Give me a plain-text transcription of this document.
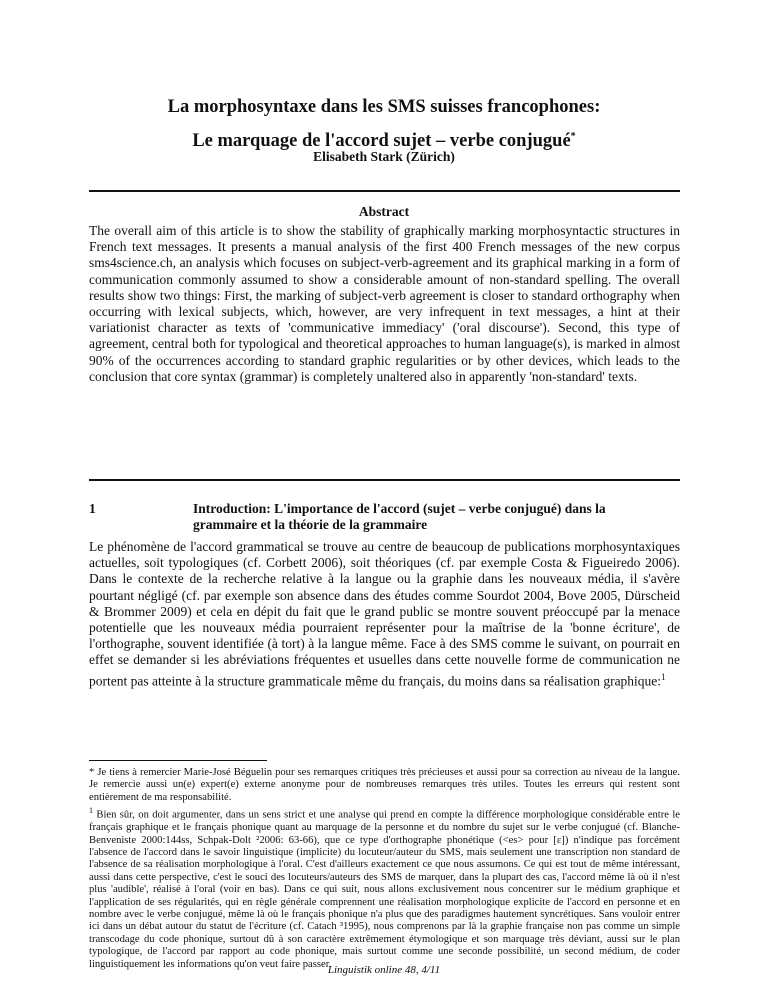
La morphosyntaxe dans les SMS suisses francophones:
Le marquage de l'accord sujet – verbe conjugué*
Elisabeth Stark (Zürich)
Abstract
The overall aim of this article is to show the stability of graphically marking morphosyntactic structures in French text messages. It presents a manual analysis of the first 400 French messages of the new corpus sms4science.ch, an analysis which focuses on subject-verb-agreement and its graphical marking in a form of communication commonly assumed to show a considerable amount of non-standard spelling. The overall results show two things: First, the marking of subject-verb agreement is closer to standard orthography when occurring with lexical subjects, which, however, are very infrequent in text messages, a hint at their variationist character as texts of 'communicative immediacy' ('oral discourse'). Second, this type of agreement, central both for typological and theoretical approaches to human language(s), is marked in almost 90% of the occurrences according to standard graphic regularities or by other devices, which leads to the conclusion that core syntax (grammar) is completely unaltered also in apparently 'non-standard' texts.
1	Introduction: L'importance de l'accord (sujet – verbe conjugué) dans la grammaire et la théorie de la grammaire
Le phénomène de l'accord grammatical se trouve au centre de beaucoup de publications morphosyntaxiques actuelles, soit typologiques (cf. Corbett 2006), soit théoriques (cf. par exemple Costa & Figueiredo 2006). Dans le contexte de la recherche relative à la langue ou la graphie dans les nouveaux média, il s'avère pourtant négligé (cf. par exemple son absence dans des études comme Sourdot 2004, Bove 2005, Dürscheid & Brommer 2009) et cela en dépit du fait que le grand public se montre souvent préoccupé par la menace potentielle que les nouveaux média pourraient représenter pour la maîtrise de la 'bonne écriture', de l'orthographe, souvent identifiée (à tort) à la langue même. Face à des SMS comme le suivant, on pourrait en effet se demander si les abréviations fréquentes et usuelles dans cette nouvelle forme de communication ne portent pas atteinte à la structure grammaticale même du français, du moins dans sa réalisation graphique:$^1$

* Je tiens à remercier Marie-José Béguelin pour ses remarques critiques très précieuses et aussi pour sa correction au niveau de la langue. Je remercie aussi un(e) expert(e) externe anonyme pour de nombreuses remarques très utiles. Toutes les erreurs qui restent sont entièrement de ma responsabilité.

$^1$ Bien sûr, on doit argumenter, dans un sens strict et une analyse qui prend en compte la différence morphologique considérable entre le français graphique et le français phonique quant au marquage de la personne et du nombre du sujet sur le verbe conjugué (cf. Blanche-Benveniste 2000:144ss, Schpak-Dolt ²2006: 63-66), que ce type d'orthographe phonétique (<es> pour [ɛ]) n'indique pas forcément l'absence de l'accord dans le savoir linguistique (implicite) du locuteur/auteur du SMS, mais seulement une transcription non standard de l'absence de sa réalisation morphologique à l'oral. C'est d'ailleurs exactement ce que nous assumons. Ce qui est tout de même intéressant, aussi dans cette perspective, c'est le souci des locuteurs/auteurs des SMS de marquer, dans la plupart des cas, l'accord même là où il n'est plus 'audible', réalisé à l'oral (voir en bas). Dans ce qui suit, nous allons exclusivement nous concentrer sur le médium graphique et l'application de ses régularités, qui en règle générale comprennent une réalisation morphologique explicite de l'accord en personne et en nombre avec le verbe conjugué, même là où le français phonique n'a plus que des paradigmes hautement syncrétiques. Sans vouloir entrer ici dans un débat autour du statut de l'écriture (cf. Catach ³1995), nous comprenons par là la graphie française non pas comme un simple transcodage du code phonique, surtout dû à son caractère extrêmement étymologique et son marquage très déviant, aussi sur le plan typologique, de l'accord par rapport au code phonique, mais surtout comme une seconde possibilité, un second médium, de coder linguistiquement les informations qu'on veut faire passer.

Linguistik online 48, 4/11
